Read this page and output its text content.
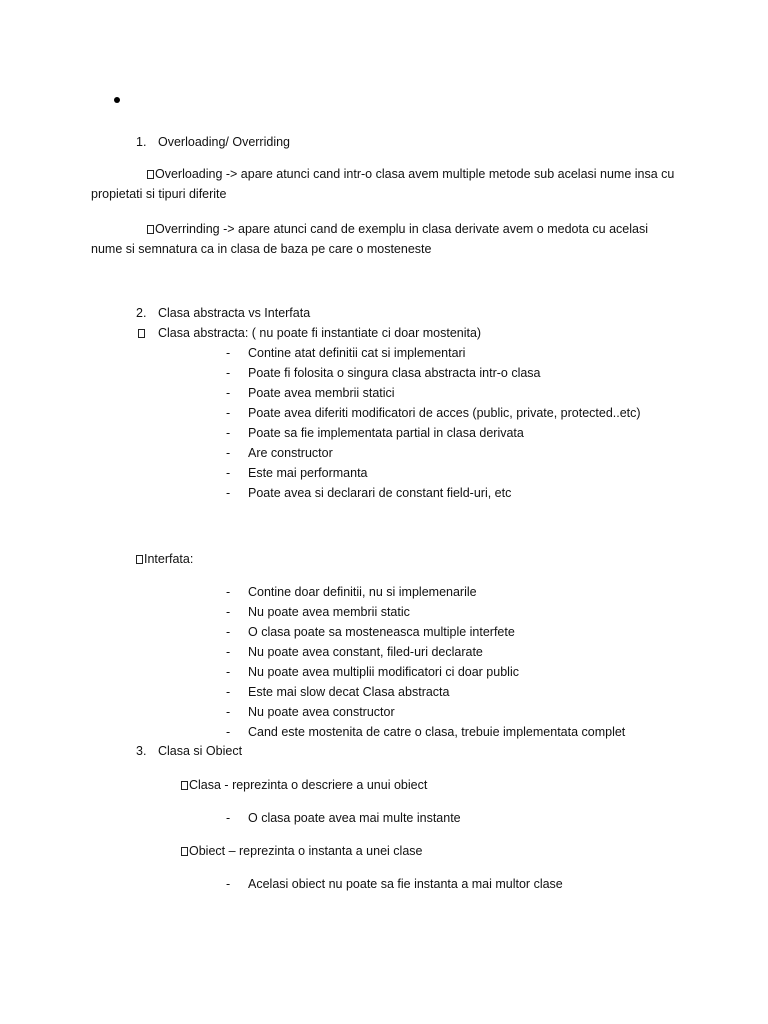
1. Overloading/ Overriding
Overloading -> apare atunci cand intr-o clasa avem multiple metode sub acelasi nume insa cu propietati si tipuri diferite
Overrinding -> apare atunci cand de exemplu in clasa derivate avem o medota cu acelasi nume si semnatura ca in clasa de baza pe care o mosteneste
2. Clasa abstracta vs Interfata
Clasa abstracta: ( nu poate fi instantiate ci doar mostenita)
- Contine atat definitii cat si implementari
- Poate fi folosita o singura clasa abstracta intr-o clasa
- Poate avea membrii statici
- Poate avea diferiti modificatori de acces (public, private, protected..etc)
- Poate sa fie implementata partial in clasa derivata
- Are constructor
- Este mai performanta
- Poate avea si declarari de constant field-uri, etc
Interfata:
- Contine doar definitii, nu si implemenarile
- Nu poate avea membrii static
- O clasa poate sa mosteneasca multiple interfete
- Nu poate avea constant, filed-uri declarate
- Nu poate avea multiplii modificatori ci doar public
- Este mai slow decat Clasa abstracta
- Nu poate avea constructor
- Cand este mostenita de catre o clasa, trebuie implementata complet
3. Clasa si Obiect
Clasa - reprezinta o descriere a unui obiect
- O clasa poate avea mai multe instante
Obiect – reprezinta o instanta a unei clase
- Acelasi obiect nu poate sa fie instanta a mai multor clase
